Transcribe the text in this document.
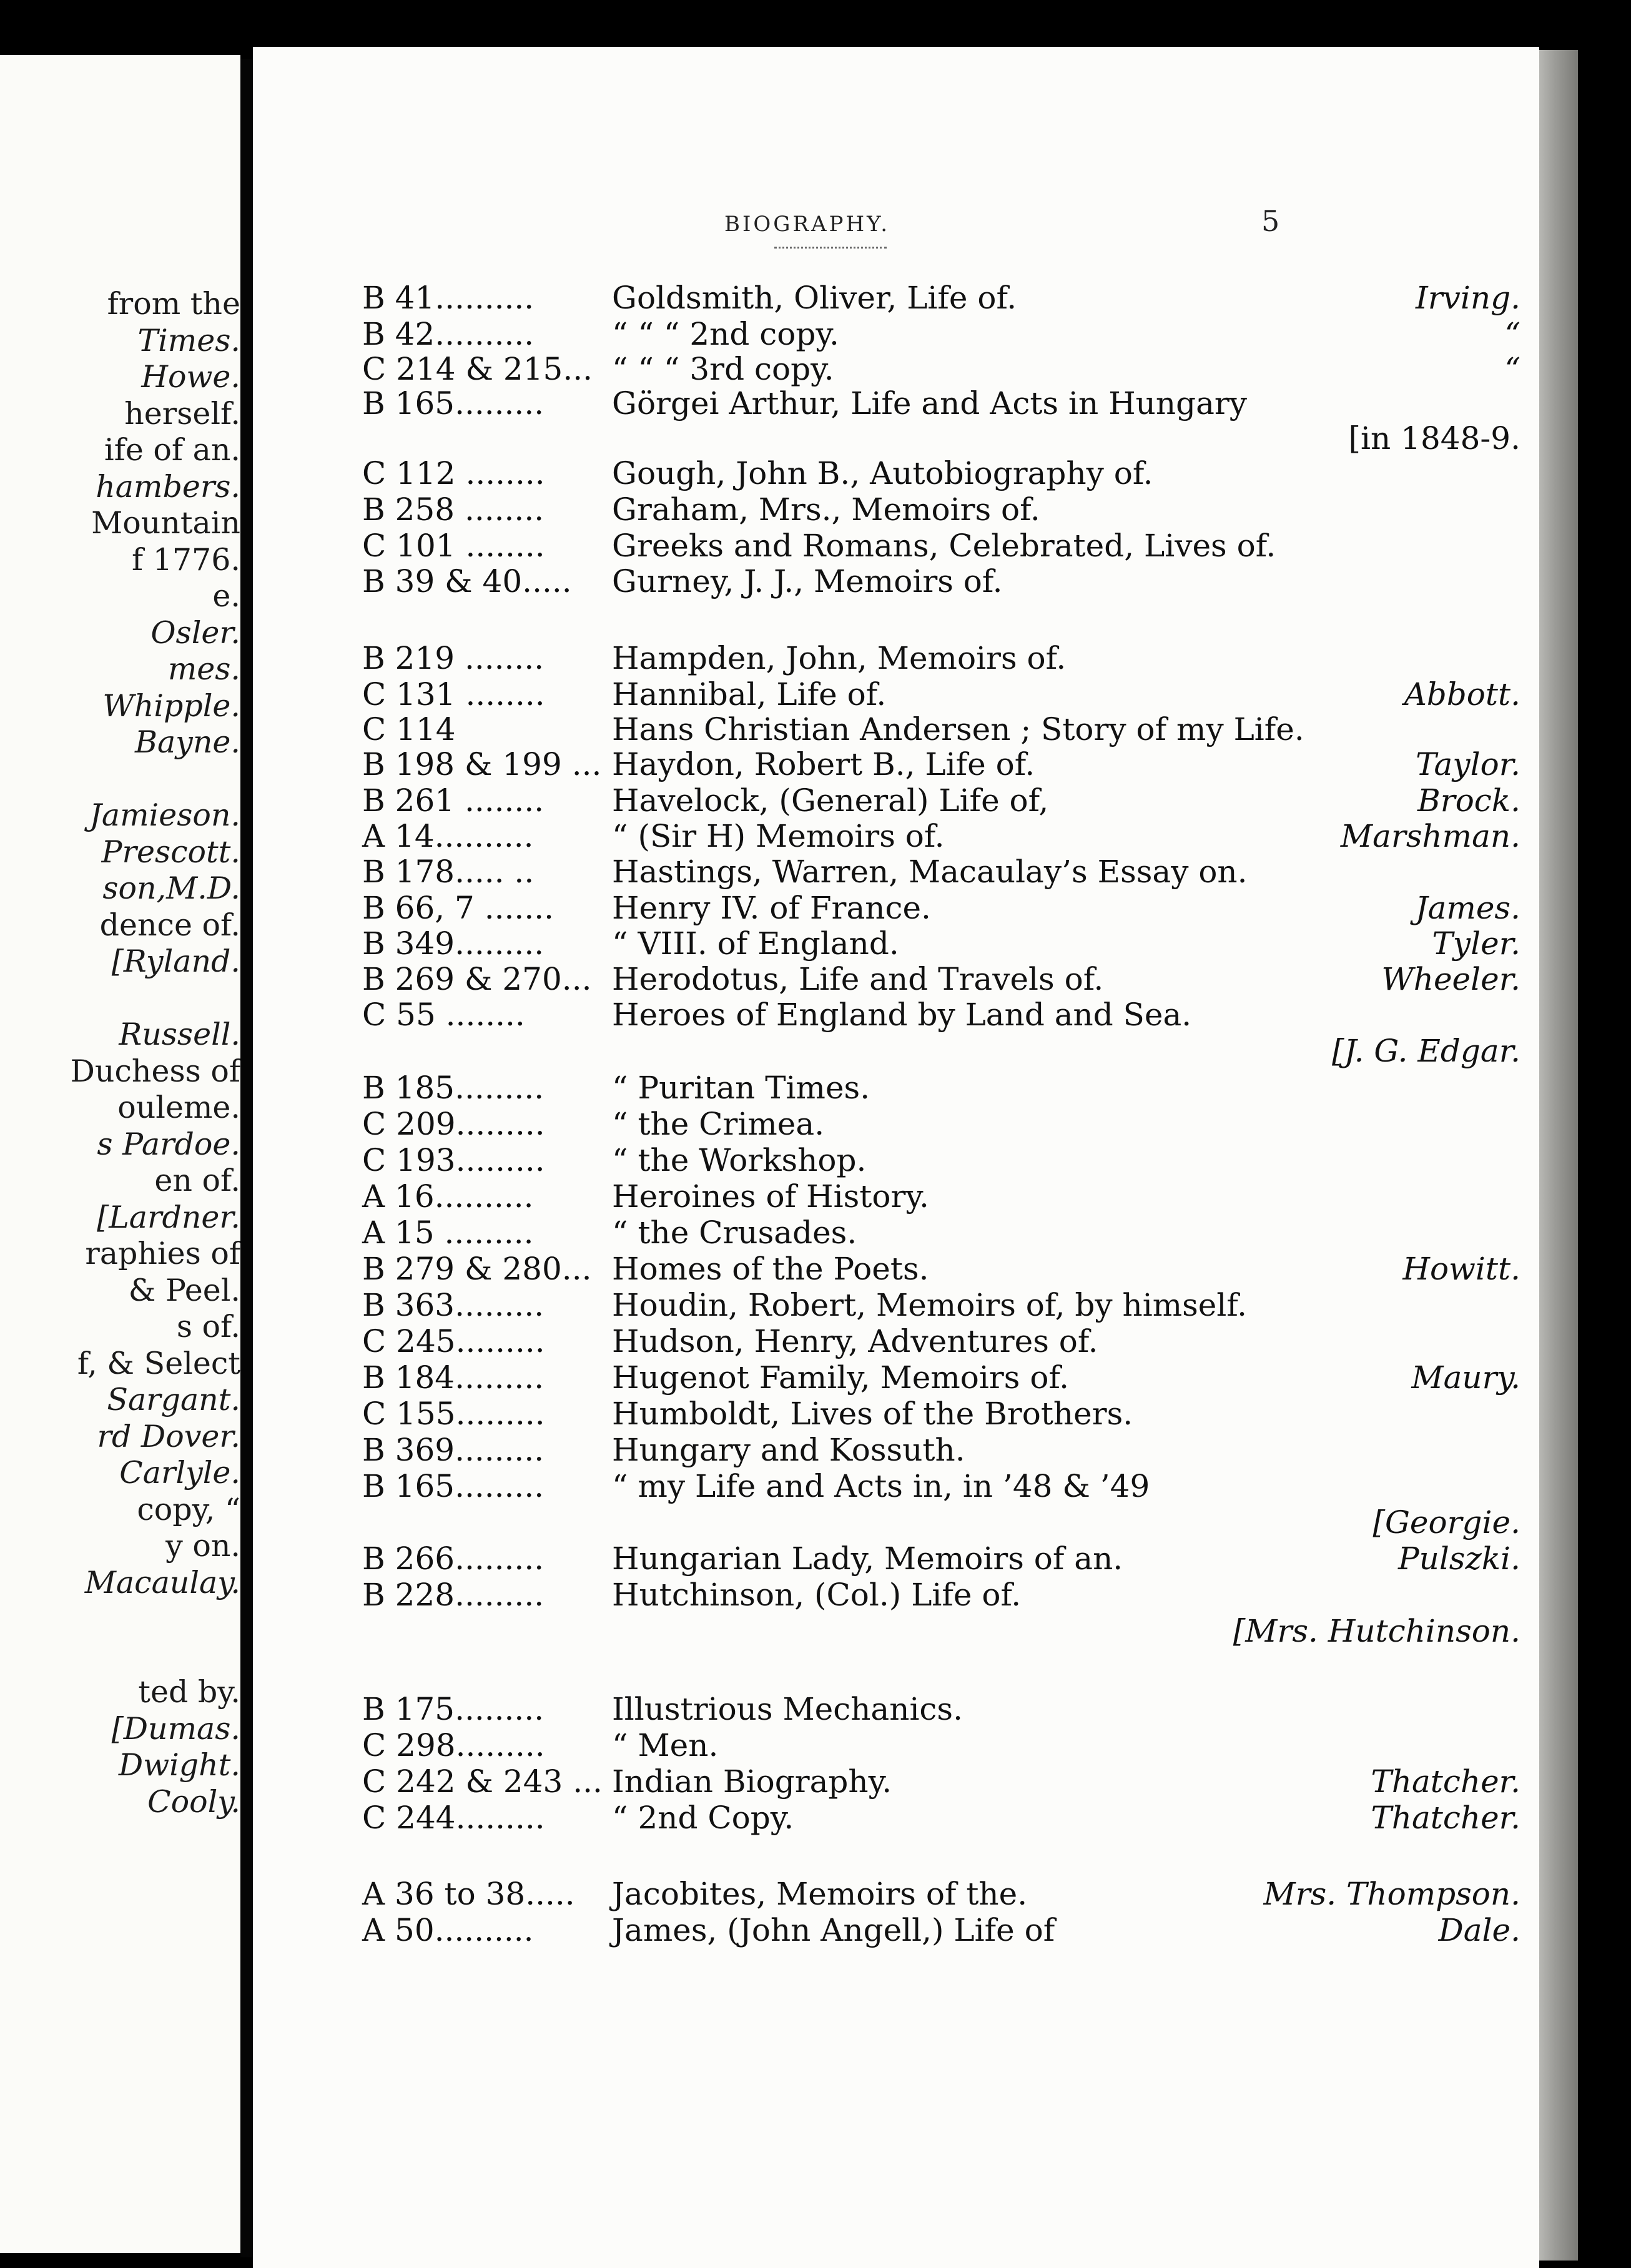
from the
Times.
Howe.
herself.
ife of an.
hambers.
Mountain
f 1776.
e.
Osler.
mes.
Whipple.
Bayne.
Jamieson.
Prescott.
son,M.D.
dence of.
[Ryland.
Russell.
Duchess of
ouleme.
s Pardoe.
en of.
[Lardner.
raphies of
& Peel.
s of.
f, & Select
Sargant.
rd Dover.
Carlyle.
copy, “
y on.
Macaulay.
ted by.
[Dumas.
Dwight.
Cooly.
BIOGRAPHY.	5
B 41.......... Goldsmith, Oliver, Life of.	Irving.
B 42.......... “ “ “ 2nd copy.	“
C 214 & 215... “ “ “ 3rd copy.	“
B 165......... Görgei Arthur, Life and Acts in Hungary
[in 1848-9.
C 112 ........ Gough, John B., Autobiography of.
B 258 ........ Graham, Mrs., Memoirs of.
C 101 ........ Greeks and Romans, Celebrated, Lives of.
B 39 & 40..... Gurney, J. J., Memoirs of.
B 219 ........ Hampden, John, Memoirs of.
C 131 ........ Hannibal, Life of.	Abbott.
C 114	Hans Christian Andersen ; Story of my Life.
B 198 & 199 ... Haydon, Robert B., Life of.	Taylor.
B 261 ........ Havelock, (General) Life of,	Brock.
A 14..........	“ (Sir H) Memoirs of.	Marshman.
B 178..... .. Hastings, Warren, Macaulay’s Essay on.
B 66, 7 ....... Henry IV. of France.	James.
B 349......... “ VIII. of England.	Tyler.
B 269 & 270... Herodotus, Life and Travels of.	Wheeler.
C 55 ........	Heroes of England by Land and Sea.
[J. G. Edgar.
B 185......... “ Puritan Times.
C 209......... “ the Crimea.
C 193......... “ the Workshop.
A 16..........	Heroines of History.
A 15 .........	“ the Crusades.
B 279 & 280... Homes of the Poets.	Howitt.
B 363......... Houdin, Robert, Memoirs of, by himself.
C 245......... Hudson, Henry, Adventures of.
B 184......... Hugenot Family, Memoirs of.	Maury.
C 155......... Humboldt, Lives of the Brothers.
B 369......... Hungary and Kossuth.
B 165......... “ my Life and Acts in, in ’48 & ’49
[Georgie.
B 266......... Hungarian Lady, Memoirs of an.	Pulszki.
B 228......... Hutchinson, (Col.) Life of.
[Mrs. Hutchinson.
B 175......... Illustrious Mechanics.
C 298......... “ Men.
C 242 & 243 ... Indian Biography.	Thatcher.
C 244......... “ 2nd Copy.	Thatcher.
A 36 to 38..... Jacobites, Memoirs of the.	Mrs. Thompson.
A 50..........	James, (John Angell,) Life of	Dale.
